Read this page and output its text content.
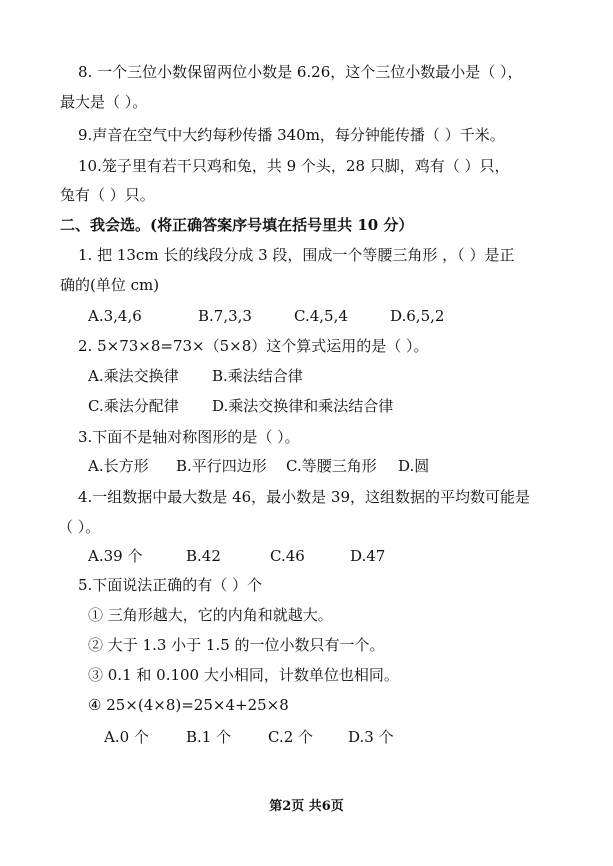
8. 一个三位小数保留两位小数是 6.26，这个三位小数最小是（ ），
最大是（ ）。
9.声音在空气中大约每秒传播 340m，每分钟能传播（ ）千米。
10.笼子里有若干只鸡和兔，共 9 个头，28 只脚，鸡有（ ）只，
兔有（ ）只。
二、我会选。(将正确答案序号填在括号里共 10 分）
1. 把 13cm 长的线段分成 3 段，围成一个等腰三角形 ，（ ）是正
确的(单位 cm)
A.3,4,6	B.7,3,3	C.4,5,4	D.6,5,2
2. 5×73×8=73×（5×8）这个算式运用的是（ ）。
A.乘法交换律 B.乘法结合律
C.乘法分配律 D.乘法交换律和乘法结合律
3.下面不是轴对称图形的是（ ）。
A.长方形 B.平行四边形 C.等腰三角形 D.圆
4.一组数据中最大数是 46，最小数是 39，这组数据的平均数可能是
（ ）。
A.39 个	B.42	C.46	D.47
5.下面说法正确的有（ ）个
① 三角形越大，它的内角和就越大。
② 大于 1.3 小于 1.5 的一位小数只有一个。
③ 0.1 和 0.100 大小相同，计数单位也相同。
④ 25×(4×8)=25×4+25×8
A.0 个 B.1 个 C.2 个 D.3 个
第2页 共6页
